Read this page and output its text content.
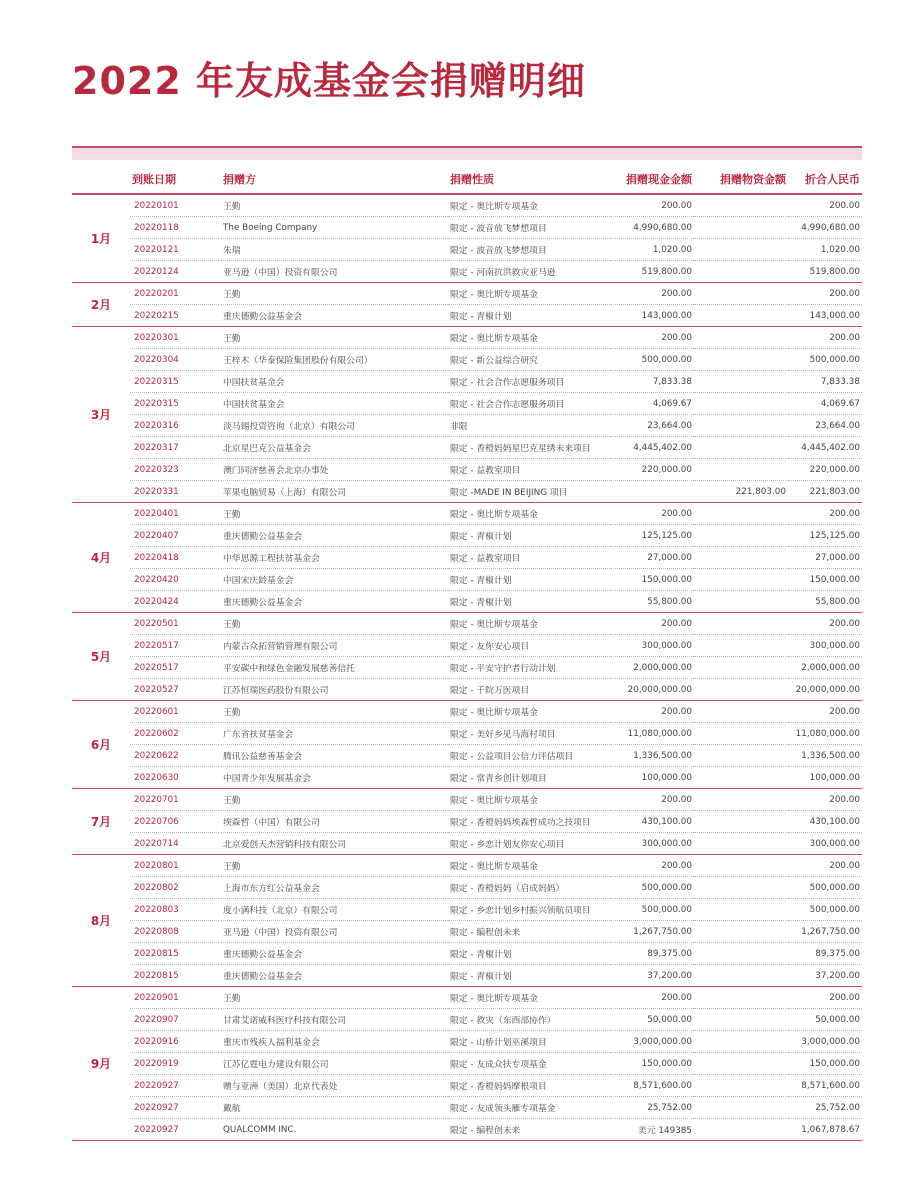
2022 年友成基金会捐赠明细
	到账日期	捐赠方	捐赠性质	捐赠现金金额	捐赠物资金额	折合人民币
1月	20220101	王勤	限定 - 奥比斯专项基金	200.00		200.00
	20220118	The Boeing Company	限定 - 波音放飞梦想项目	4,990,680.00		4,990,680.00
	20220121	朱瑞	限定 - 波音放飞梦想项目	1,020.00		1,020.00
	20220124	亚马逊（中国）投资有限公司	限定 - 河南抗洪救灾亚马逊	519,800.00		519,800.00
2月	20220201	王勤	限定 - 奥比斯专项基金	200.00		200.00
	20220215	重庆德勤公益基金会	限定 - 青椒计划	143,000.00		143,000.00
3月	20220301	王勤	限定 - 奥比斯专项基金	200.00		200.00
	20220304	王梓木（华泰保险集团股份有限公司）	限定 - 新公益综合研究	500,000.00		500,000.00
	20220315	中国扶贫基金会	限定 - 社会合作志愿服务项目	7,833.38		7,833.38
	20220315	中国扶贫基金会	限定 - 社会合作志愿服务项目	4,069.67		4,069.67
	20220316	淡马锡投资咨询（北京）有限公司	非限	23,664.00		23,664.00
	20220317	北京星巴克公益基金会	限定 - 香橙妈妈星巴克星绣未来项目	4,445,402.00		4,445,402.00
	20220323	澳门同济慈善会北京办事处	限定 - 益教室项目	220,000.00		220,000.00
	20220331	苹果电脑贸易（上海）有限公司	限定 -MADE IN BEIJING 项目		221,803.00	221,803.00
4月	20220401	王勤	限定 - 奥比斯专项基金	200.00		200.00
	20220407	重庆德勤公益基金会	限定 - 青椒计划	125,125.00		125,125.00
	20220418	中华思源工程扶贫基金会	限定 - 益教室项目	27,000.00		27,000.00
	20220420	中国宋庆龄基金会	限定 - 青椒计划	150,000.00		150,000.00
	20220424	重庆德勤公益基金会	限定 - 青椒计划	55,800.00		55,800.00
5月	20220501	王勤	限定 - 奥比斯专项基金	200.00		200.00
	20220517	内蒙古众拓营销管理有限公司	限定 - 友你安心项目	300,000.00		300,000.00
	20220517	平安碳中和绿色金融发展慈善信托	限定 - 平安守护者行动计划	2,000,000.00		2,000,000.00
	20220527	江苏恒瑞医药股份有限公司	限定 - 千院万医项目	20,000,000.00		20,000,000.00
6月	20220601	王勤	限定 - 奥比斯专项基金	200.00		200.00
	20220602	广东省扶贫基金会	限定 - 美好乡见马海村项目	11,080,000.00		11,080,000.00
	20220622	腾讯公益慈善基金会	限定 - 公益项目公信力评估项目	1,336,500.00		1,336,500.00
	20220630	中国青少年发展基金会	限定 - 常青乡创计划项目	100,000.00		100,000.00
7月	20220701	王勤	限定 - 奥比斯专项基金	200.00		200.00
	20220706	埃森哲（中国）有限公司	限定 - 香橙妈妈埃森哲成功之技项目	430,100.00		430,100.00
	20220714	北京爱创天杰营销科技有限公司	限定 - 乡恋计划友你安心项目	300,000.00		300,000.00
8月	20220801	王勤	限定 - 奥比斯专项基金	200.00		200.00
	20220802	上海市东方红公益基金会	限定 - 香橙妈妈（启成妈妈）	500,000.00		500,000.00
	20220803	度小满科技（北京）有限公司	限定 - 乡恋计划乡村振兴领航员项目	500,000.00		500,000.00
	20220808	亚马逊（中国）投资有限公司	限定 - 编程创未来	1,267,750.00		1,267,750.00
	20220815	重庆德勤公益基金会	限定 - 青椒计划	89,375.00		89,375.00
	20220815	重庆德勤公益基金会	限定 - 青椒计划	37,200.00		37,200.00
9月	20220901	王勤	限定 - 奥比斯专项基金	200.00		200.00
	20220907	甘肃艾诺威科医疗科技有限公司	限定 - 救灾（东西部协作）	50,000.00		50,000.00
	20220916	重庆市残疾人福利基金会	限定 - 山桥计划巫溪项目	3,000,000.00		3,000,000.00
	20220919	江苏亿霆电力建设有限公司	限定 - 友成众扶专项基金	150,000.00		150,000.00
	20220927	赠与亚洲（美国）北京代表处	限定 - 香橙妈妈摩根项目	8,571,600.00		8,571,600.00
	20220927	戴航	限定 - 友成领头雁专项基金	25,752.00		25,752.00
	20220927	QUALCOMM INC.	限定 - 编程创未来	美元 149385		1,067,878.67
